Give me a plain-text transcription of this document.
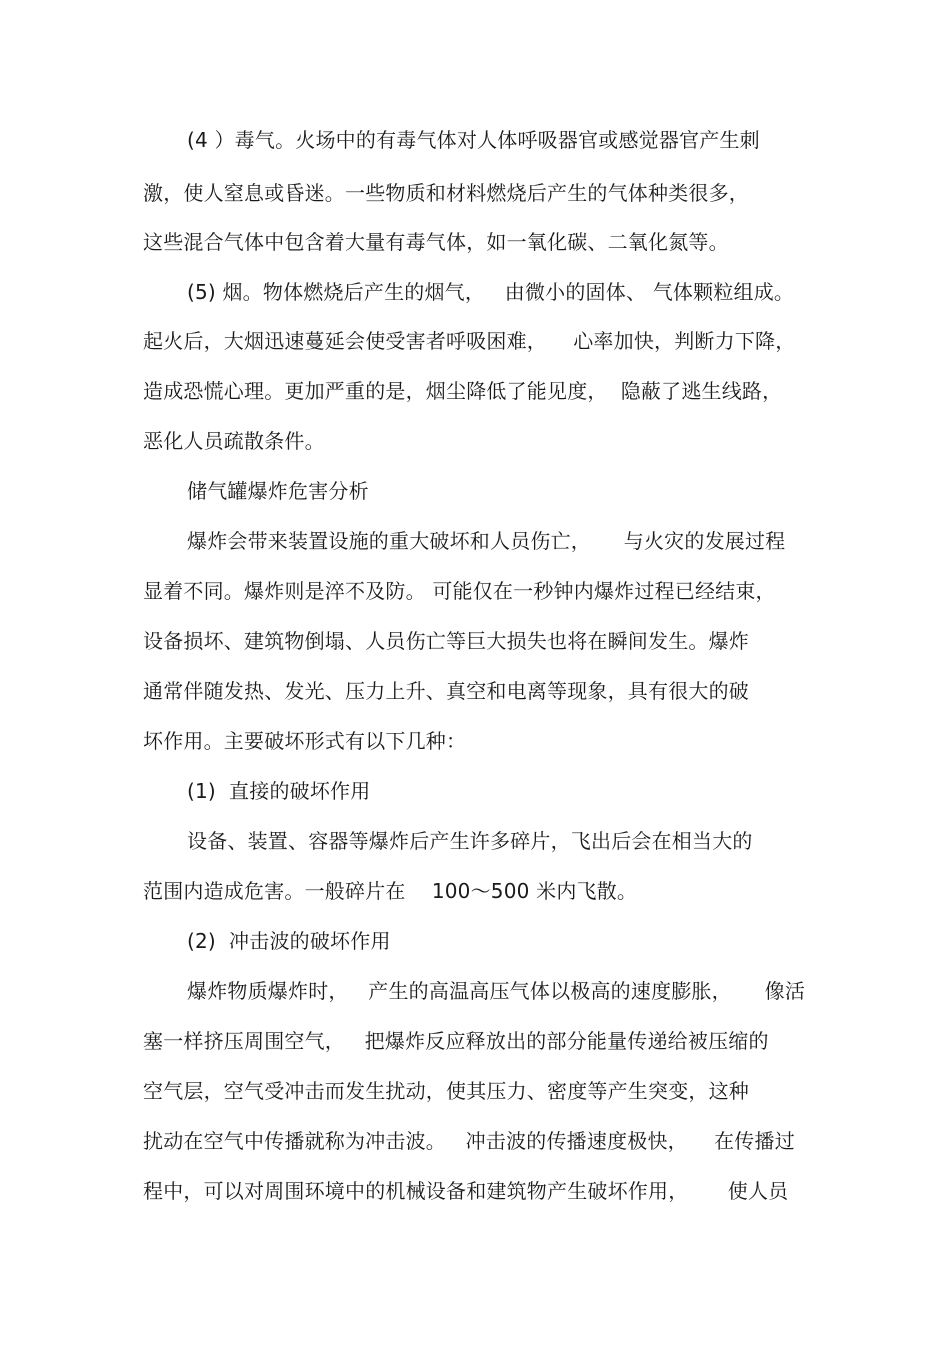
(4 ）毒气。火场中的有毒气体对人体呼吸器官或感觉器官产生刺
激，使人窒息或昏迷。一些物质和材料燃烧后产生的气体种类很多，
这些混合气体中包含着大量有毒气体，如一氧化碳、二氧化氮等。
(5) 烟。物体燃烧后产生的烟气，   由微小的固体、 气体颗粒组成。
起火后，大烟迅速蔓延会使受害者呼吸困难，    心率加快，判断力下降，
造成恐慌心理。更加严重的是，烟尘降低了能见度，  隐蔽了逃生线路，
恶化人员疏散条件。
储气罐爆炸危害分析
爆炸会带来装置设施的重大破坏和人员伤亡，     与火灾的发展过程
显着不同。爆炸则是淬不及防。 可能仅在一秒钟内爆炸过程已经结束，
设备损坏、建筑物倒塌、人员伤亡等巨大损失也将在瞬间发生。爆炸
通常伴随发热、发光、压力上升、真空和电离等现象，具有很大的破
坏作用。主要破坏形式有以下几种：
(1)  直接的破坏作用
设备、装置、容器等爆炸后产生许多碎片，飞出后会在相当大的
范围内造成危害。一般碎片在    100～500 米内飞散。
(2)  冲击波的破坏作用
爆炸物质爆炸时，   产生的高温高压气体以极高的速度膨胀，     像活
塞一样挤压周围空气，   把爆炸反应释放出的部分能量传递给被压缩的
空气层，空气受冲击而发生扰动，使其压力、密度等产生突变，这种
扰动在空气中传播就称为冲击波。   冲击波的传播速度极快，    在传播过
程中，可以对周围环境中的机械设备和建筑物产生破坏作用，      使人员
